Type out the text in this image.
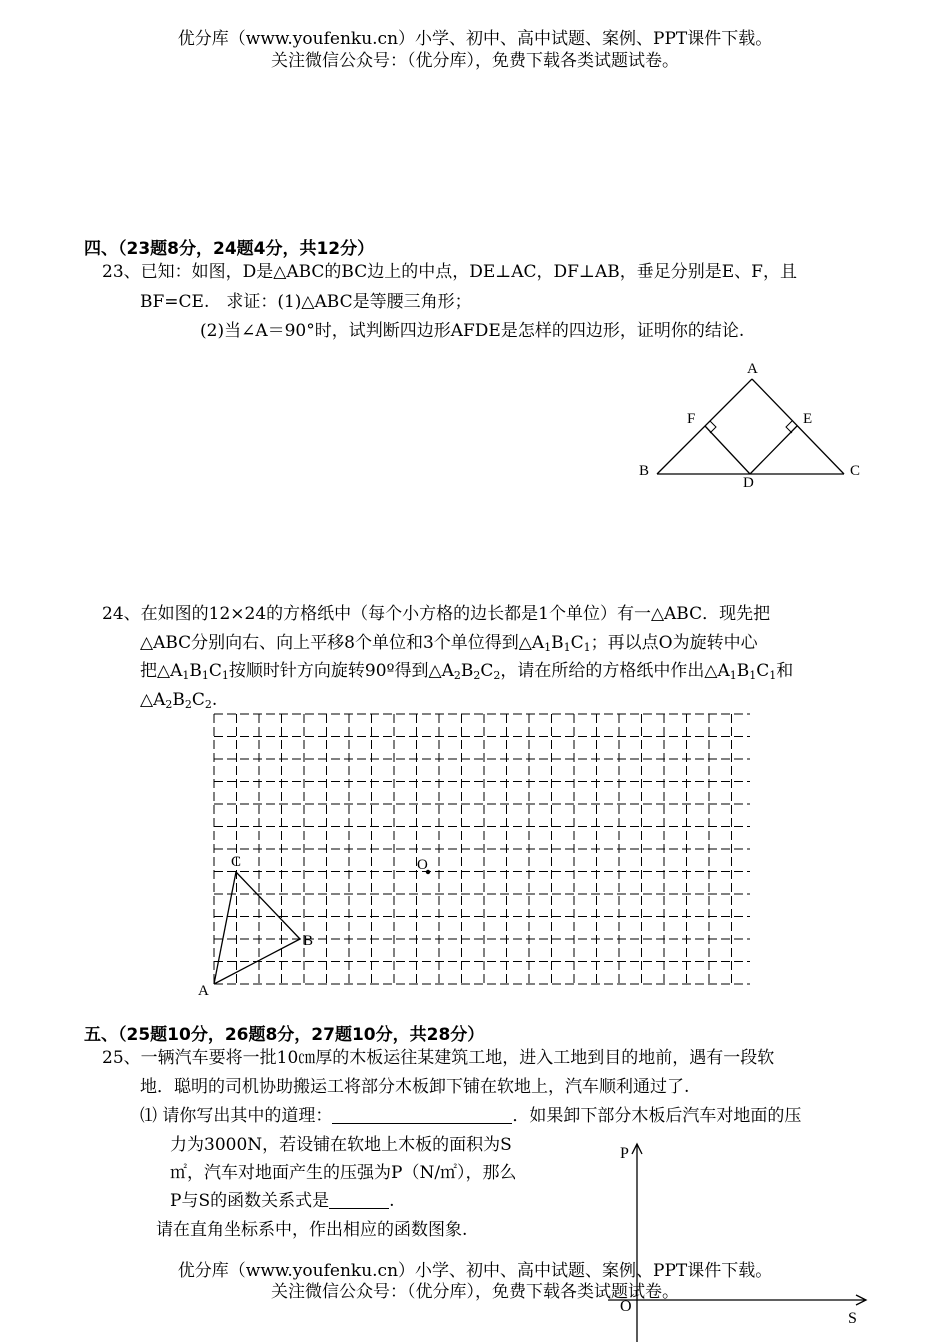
优分库（www.youfenku.cn）小学、初中、高中试题、案例、PPT课件下载。
关注微信公众号：（优分库），免费下载各类试题试卷。
四、（23题8分，24题4分，共12分）
23、已知：如图，D是△ABC的BC边上的中点，DE⊥AC，DF⊥AB，垂足分别是E、F，且
BF=CE.　求证：(1)△ABC是等腰三角形；
(2)当∠A＝90°时，试判断四边形AFDE是怎样的四边形，证明你的结论.
A
B	C
D
E
F
24、在如图的12×24的方格纸中（每个小方格的边长都是1个单位）有一△ABC．现先把
△ABC分别向右、向上平移8个单位和3个单位得到$\triangle A_1B_1C_1$；再以点O为旋转中心
把$\triangle A_1B_1C_1$按顺时针方向旋转90º得到$\triangle A_2B_2C_2$，请在所给的方格纸中作出$\triangle A_1B_1C_1$和
$\triangle A_2B_2C_2$.
A
B
C	O
五、（25题10分，26题8分，27题10分，共28分）
25、一辆汽车要将一批10㎝厚的木板运往某建筑工地，进入工地到目的地前，遇有一段软
地．聪明的司机协助搬运工将部分木板卸下铺在软地上，汽车顺利通过了.
⑴ 请你写出其中的道理：	．如果卸下部分木板后汽车对地面的压
力为3000N，若设铺在软地上木板的面积为S
㎡，汽车对地面产生的压强为P（N/㎡），那么
P与S的函数关系式是	.
请在直角坐标系中，作出相应的函数图象.
P
S
O
优分库（www.youfenku.cn）小学、初中、高中试题、案例、PPT课件下载。
关注微信公众号：（优分库），免费下载各类试题试卷。
